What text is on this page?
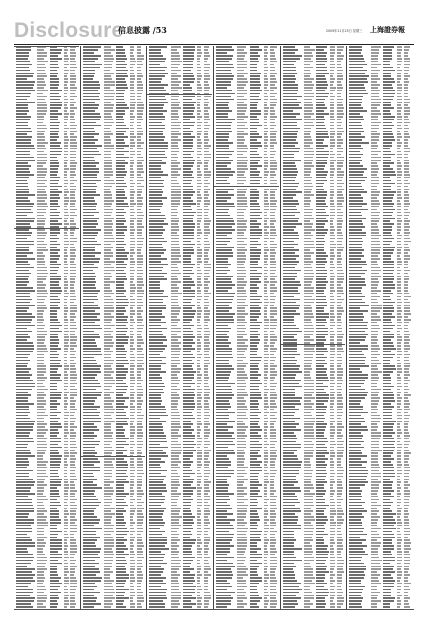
Disclosure
信息披露 /53	2009年11月25日 星期三 上海證券報
